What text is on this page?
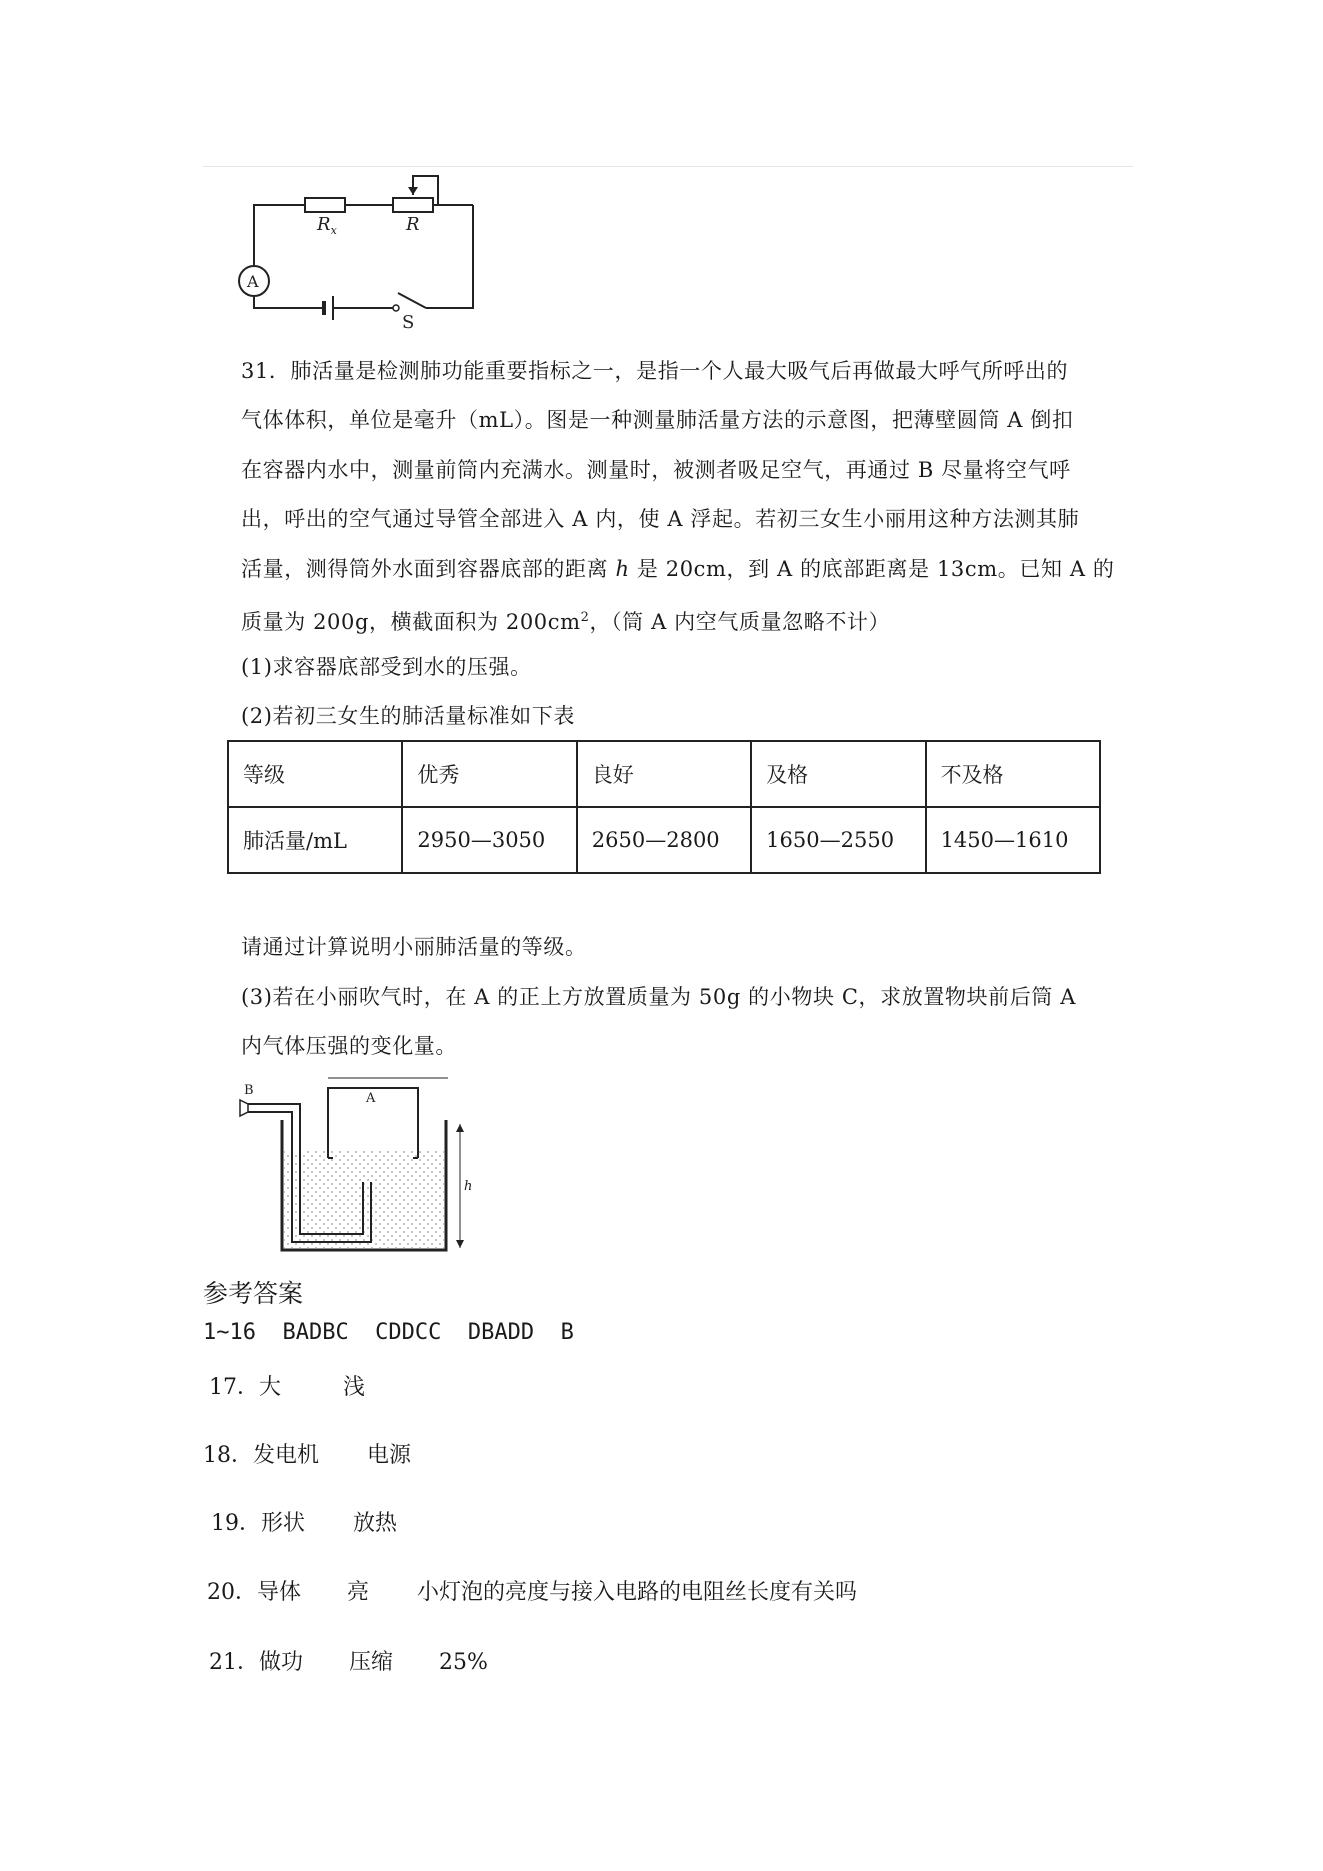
$R_x$	R
A
S
31．肺活量是检测肺功能重要指标之一，是指一个人最大吸气后再做最大呼气所呼出的
气体体积，单位是毫升（mL）。图是一种测量肺活量方法的示意图，把薄壁圆筒 A 倒扣
在容器内水中，测量前筒内充满水。测量时，被测者吸足空气，再通过 B 尽量将空气呼
出，呼出的空气通过导管全部进入 A 内，使 A 浮起。若初三女生小丽用这种方法测其肺
活量，测得筒外水面到容器底部的距离 h 是 20cm，到 A 的底部距离是 13cm。已知 A 的
质量为 200g，横截面积为 $200cm^2$，（筒 A 内空气质量忽略不计）
(1)求容器底部受到水的压强。
(2)若初三女生的肺活量标准如下表
等级	优秀	良好	及格	不及格
肺活量/mL	2950—3050	2650—2800	1650—2550	1450—1610
请通过计算说明小丽肺活量的等级。
(3)若在小丽吹气时，在 A 的正上方放置质量为 50g 的小物块 C，求放置物块前后筒 A
内气体压强的变化量。
A
B
h
参考答案
1~16  BADBC  CDDCC  DBADD  B
17．大	浅
18．发电机 电源
19．形状 放热
20．导体 亮 小灯泡的亮度与接入电路的电阻丝长度有关吗
21．做功 压缩 25%
